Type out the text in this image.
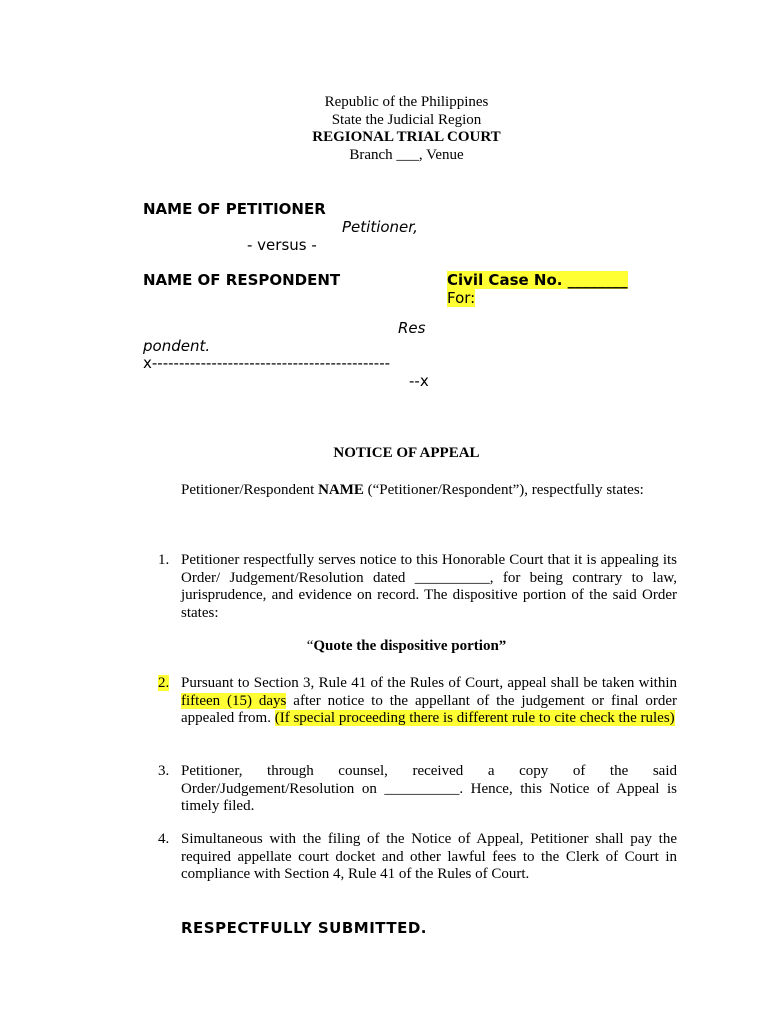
Republic of the Philippines
State the Judicial Region
REGIONAL TRIAL COURT
Branch ___, Venue
NAME OF PETITIONER
Petitioner,
- versus -
NAME OF RESPONDENT
Res
pondent.
x--------------------------------------------
--x
Civil Case No. ________
For:
NOTICE OF APPEAL
Petitioner/Respondent NAME (“Petitioner/Respondent”), respectfully states:
1. Petitioner respectfully serves notice to this Honorable Court that it is appealing its Order/ Judgement/Resolution dated __________, for being contrary to law, jurisprudence, and evidence on record. The dispositive portion of the said Order states:
“Quote the dispositive portion”
2. Pursuant to Section 3, Rule 41 of the Rules of Court, appeal shall be taken within fifteen (15) days after notice to the appellant of the judgement or final order appealed from. (If special proceeding there is different rule to cite check the rules)
3. Petitioner, through counsel, received a copy of the said Order/Judgement/Resolution on __________. Hence, this Notice of Appeal is timely filed.
4. Simultaneous with the filing of the Notice of Appeal, Petitioner shall pay the required appellate court docket and other lawful fees to the Clerk of Court in compliance with Section 4, Rule 41 of the Rules of Court.
RESPECTFULLY SUBMITTED.
